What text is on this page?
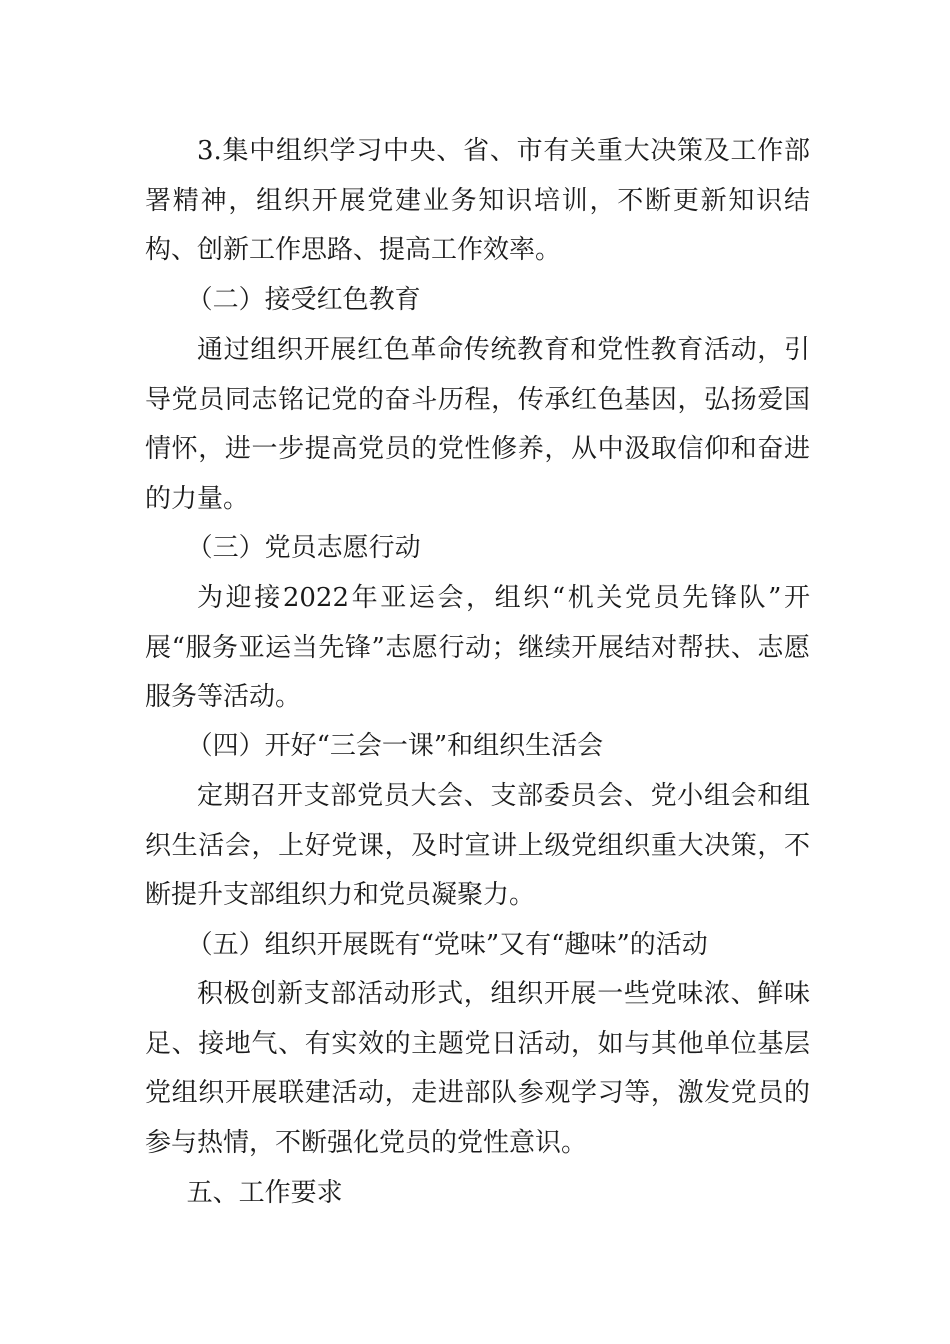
3.集中组织学习中央、省、市有关重大决策及工作部署精神，组织开展党建业务知识培训，不断更新知识结构、创新工作思路、提高工作效率。

（二）接受红色教育

通过组织开展红色革命传统教育和党性教育活动，引导党员同志铭记党的奋斗历程，传承红色基因，弘扬爱国情怀，进一步提高党员的党性修养，从中汲取信仰和奋进的力量。

（三）党员志愿行动

为迎接2022年亚运会，组织“机关党员先锋队”开展“服务亚运当先锋”志愿行动；继续开展结对帮扶、志愿服务等活动。

（四）开好“三会一课”和组织生活会

定期召开支部党员大会、支部委员会、党小组会和组织生活会，上好党课，及时宣讲上级党组织重大决策，不断提升支部组织力和党员凝聚力。

（五）组织开展既有“党味”又有“趣味”的活动

积极创新支部活动形式，组织开展一些党味浓、鲜味足、接地气、有实效的主题党日活动，如与其他单位基层党组织开展联建活动，走进部队参观学习等，激发党员的参与热情，不断强化党员的党性意识。

五、工作要求
